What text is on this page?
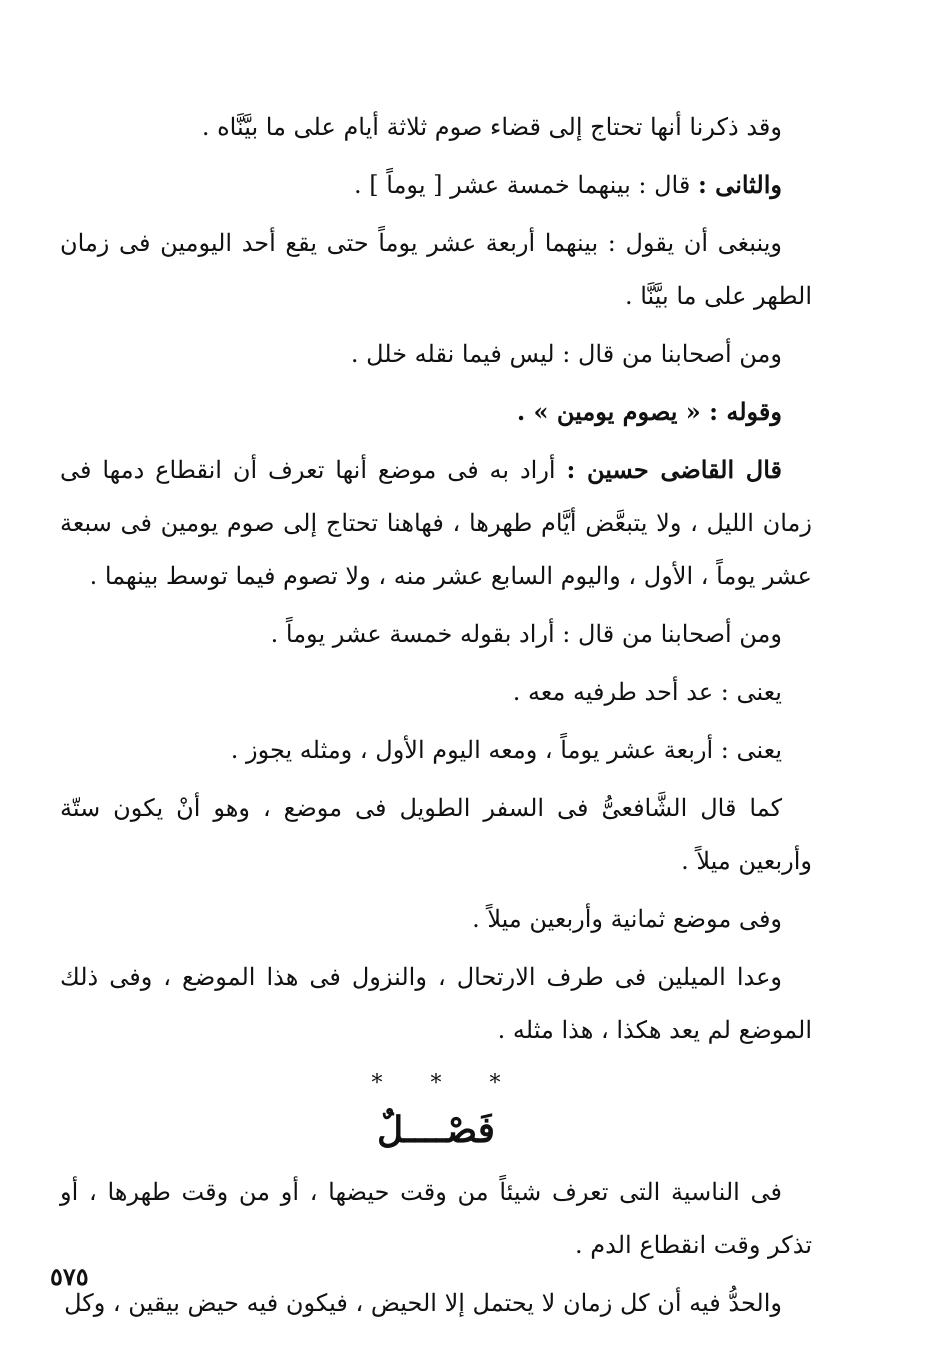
وقد ذكرنا أنها تحتاج إلى قضاء صوم ثلاثة أيام على ما بيَّنَّاه .

والثانى : قال : بينهما خمسة عشر [ يوماً ] .

وينبغى أن يقول : بينهما أربعة عشر يوماً حتى يقع أحد اليومين فى زمان الطهر على ما بيَّنَّا .

ومن أصحابنا من قال : ليس فيما نقله خلل .

وقوله : « يصوم يومين » .

قال القاضى حسين : أراد به فى موضع أنها تعرف أن انقطاع دمها فى زمان الليل ، ولا يتبعَّض أيَّام طهرها ، فهاهنا تحتاج إلى صوم يومين فى سبعة عشر يوماً ، الأول ، واليوم السابع عشر منه ، ولا تصوم فيما توسط بينهما .

ومن أصحابنا من قال : أراد بقوله خمسة عشر يوماً .

يعنى : عد أحد طرفيه معه .

يعنى : أربعة عشر يوماً ، ومعه اليوم الأول ، ومثله يجوز .

كما قال الشَّافعىُّ فى السفر الطويل فى موضع ، وهو أنْ يكون ستّة وأربعين ميلاً .

وفى موضع ثمانية وأربعين ميلاً .

وعدا الميلين فى طرف الارتحال ، والنزول فى هذا الموضع ، وفى ذلك الموضع لم يعد هكذا ، هذا مثله .

* * *
فَصْــــلٌ

فى الناسية التى تعرف شيئاً من وقت حيضها ، أو من وقت طهرها ، أو تذكر وقت انقطاع الدم .

والحدُّ فيه أن كل زمان لا يحتمل إلا الحيض ، فيكون فيه حيض بيقين ، وكل

٥٧٥
